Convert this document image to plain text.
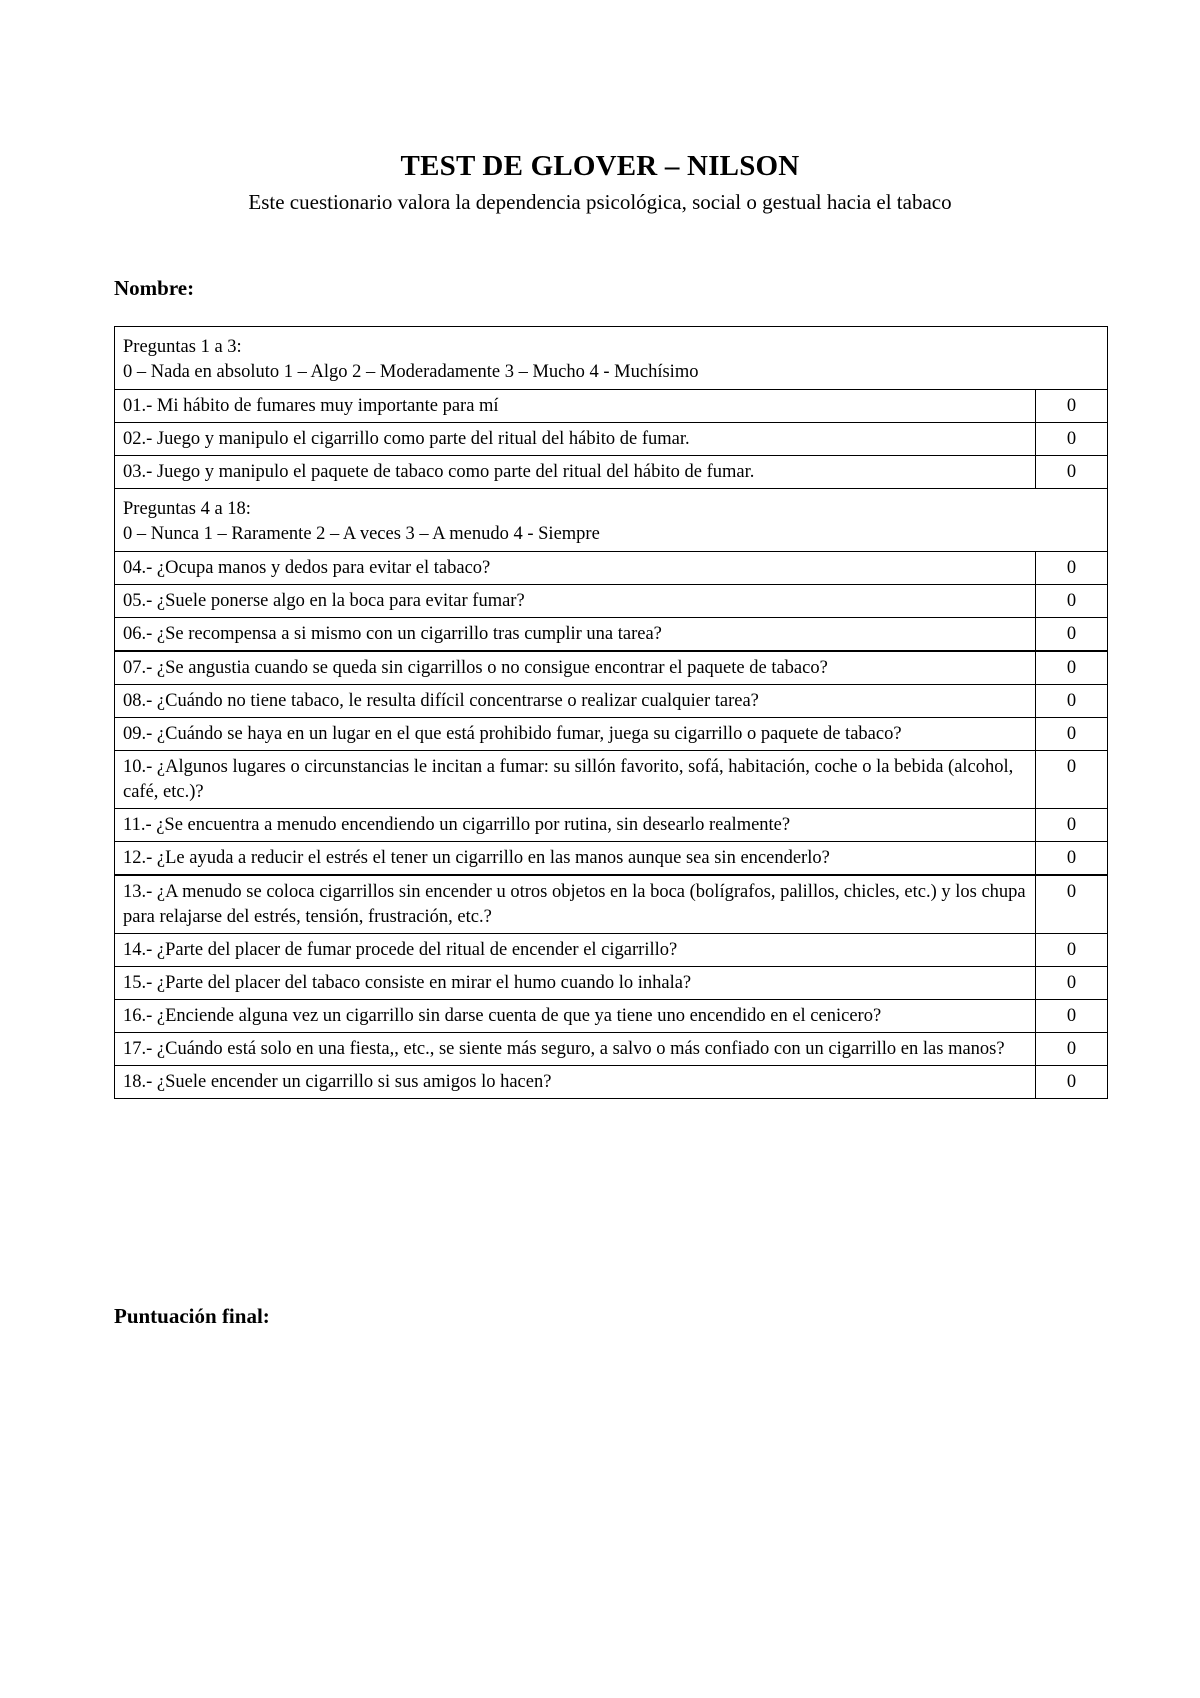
TEST DE GLOVER – NILSON
Este cuestionario valora la dependencia psicológica, social o gestual hacia el tabaco
Nombre:
Preguntas 1 a 3:
0 – Nada en absoluto 1 – Algo 2 – Moderadamente 3 – Mucho 4 - Muchísimo	

01.- Mi hábito de fumares muy importante para mí	0
02.- Juego y manipulo el cigarrillo como parte del ritual del hábito de fumar.	0
03.- Juego y manipulo el paquete de tabaco como parte del ritual del hábito de fumar.	0

Preguntas 4 a 18:
0 – Nunca 1 – Raramente 2 – A veces 3 – A menudo 4 - Siempre	

04.- ¿Ocupa manos y dedos para evitar el tabaco?	0
05.- ¿Suele ponerse algo en la boca para evitar fumar?	0
06.- ¿Se recompensa a si mismo con un cigarrillo tras cumplir una tarea?	0
07.- ¿Se angustia cuando se queda sin cigarrillos o no consigue encontrar el paquete de tabaco?	0
08.- ¿Cuándo no tiene tabaco, le resulta difícil concentrarse o realizar cualquier tarea?	0
09.- ¿Cuándo se haya en un lugar en el que está prohibido fumar, juega su cigarrillo o paquete de tabaco?	0
10.- ¿Algunos lugares o circunstancias le incitan a fumar: su sillón favorito, sofá, habitación, coche o la bebida (alcohol, café, etc.)?	0
11.- ¿Se encuentra a menudo encendiendo un cigarrillo por rutina, sin desearlo realmente?	0
12.- ¿Le ayuda a reducir el estrés el tener un cigarrillo en las manos aunque sea sin encenderlo?	0
13.- ¿A menudo se coloca cigarrillos sin encender u otros objetos en la boca (bolígrafos, palillos, chicles, etc.) y los chupa para relajarse del estrés, tensión, frustración, etc.?	0
14.- ¿Parte del placer de fumar procede del ritual de encender el cigarrillo?	0
15.- ¿Parte del placer del tabaco consiste en mirar el humo cuando lo inhala?	0
16.- ¿Enciende alguna vez un cigarrillo sin darse cuenta de que ya tiene uno encendido en el cenicero?	0
17.- ¿Cuándo está solo en una fiesta,, etc., se siente más seguro, a salvo o más confiado con un cigarrillo en las manos?	0
18.- ¿Suele encender un cigarrillo si sus amigos lo hacen?	0
Puntuación final:
